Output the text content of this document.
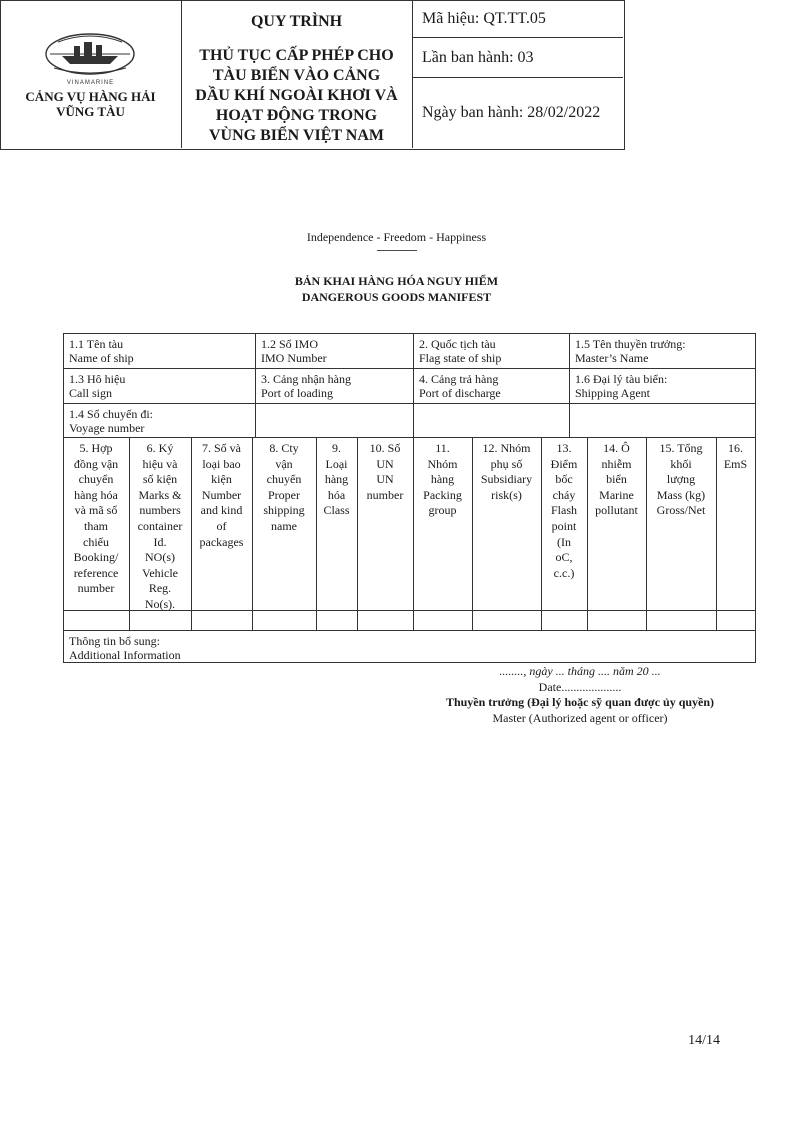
VINAMARINE
CẢNG VỤ HÀNG HẢI
VŨNG TÀU
QUY TRÌNH
THỦ TỤC CẤP PHÉP CHO
TÀU BIỂN VÀO CẢNG
DẦU KHÍ NGOÀI KHƠI VÀ
HOẠT ĐỘNG TRONG
VÙNG BIỂN VIỆT NAM
Mã hiệu: QT.TT.05
Lần ban hành: 03
Ngày ban hành: 28/02/2022
Independence - Freedom - Happiness
---------------
BẢN KHAI HÀNG HÓA NGUY HIỂM
DANGEROUS GOODS MANIFEST
1.1 Tên tàu
Name of ship
1.2 Số IMO
IMO Number
2. Quốc tịch tàu
Flag state of ship
1.5 Tên thuyền trưởng:
Master’s Name
1.3 Hô hiệu
Call sign
3. Cảng nhận hàng
Port of loading
4. Cảng trả hàng
Port of discharge
1.6 Đại lý tàu biển:
Shipping Agent
1.4 Số chuyến đi:
Voyage number
5. Hợp
đồng vận
chuyển
hàng hóa
và mã số
tham
chiếu
Booking/
reference
number
6. Ký
hiệu và
số kiện
Marks &
numbers
container
Id.
NO(s)
Vehicle
Reg.
No(s).
7. Số và
loại bao
kiện
Number
and kind
of
packages
8. Cty
vận
chuyển
Proper
shipping
name
9.
Loại
hàng
hóa
Class
10. Số
UN
UN
number
11.
Nhóm
hàng
Packing
group
12. Nhóm
phụ số
Subsidiary
risk(s)
13.
Điểm
bốc
cháy
Flash
point
(In
oC,
c.c.)
14. Ô
nhiễm
biển
Marine
pollutant
15. Tổng
khối
lượng
Mass (kg)
Gross/Net
16.
EmS
Thông tin bổ sung:
Additional Information
........, ngày ... tháng .... năm 20 ...
Date....................
Thuyền trưởng (Đại lý hoặc sỹ quan được ủy quyền)
Master (Authorized agent or officer)
14/14
